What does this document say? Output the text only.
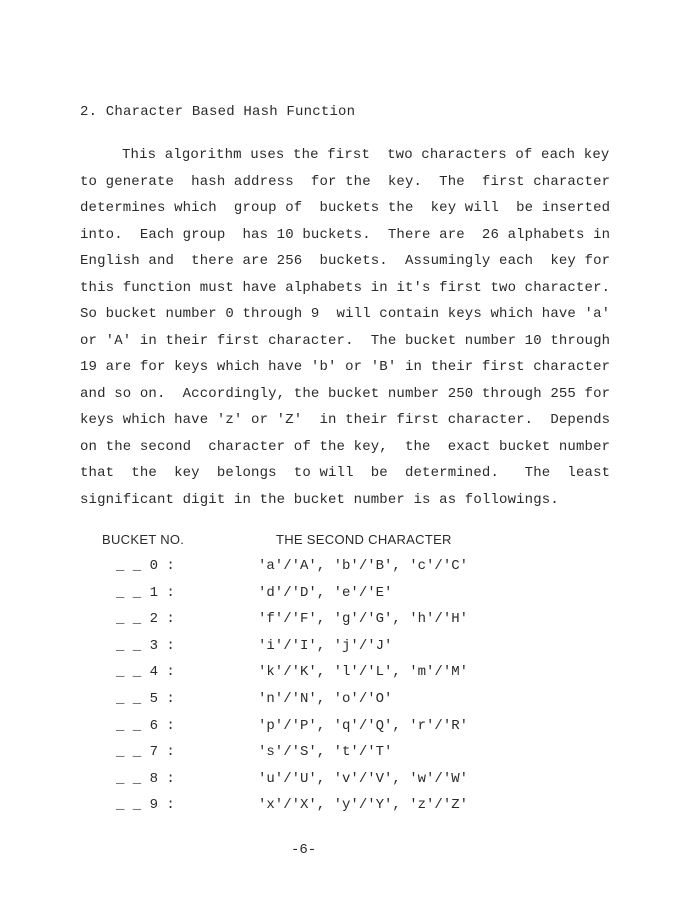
2. Character Based Hash Function
This algorithm uses the first  two characters of each key
to generate  hash address  for the  key.  The  first character
determines which  group of  buckets the  key will  be inserted
into.  Each group  has 10 buckets.  There are  26 alphabets in
English and  there are 256  buckets.  Assumingly each  key for
this function must have alphabets in it's first two character.
So bucket number 0 through 9  will contain keys which have 'a'
or 'A' in their first character.  The bucket number 10 through
19 are for keys which have 'b' or 'B' in their first character
and so on.  Accordingly, the bucket number 250 through 255 for
keys which have 'z' or 'Z'  in their first character.  Depends
on the second  character of the key,  the  exact bucket number
that  the  key  belongs  to will  be  determined.   The  least
significant digit in the bucket number is as followings.
BUCKET NO.	THE SECOND CHARACTER
_ _ 0 :	'a'/'A', 'b'/'B', 'c'/'C'
_ _ 1 :	'd'/'D', 'e'/'E'
_ _ 2 :	'f'/'F', 'g'/'G', 'h'/'H'
_ _ 3 :	'i'/'I', 'j'/'J'
_ _ 4 :	'k'/'K', 'l'/'L', 'm'/'M'
_ _ 5 :	'n'/'N', 'o'/'O'
_ _ 6 :	'p'/'P', 'q'/'Q', 'r'/'R'
_ _ 7 :	's'/'S', 't'/'T'
_ _ 8 :	'u'/'U', 'v'/'V', 'w'/'W'
_ _ 9 :	'x'/'X', 'y'/'Y', 'z'/'Z'
-6-
